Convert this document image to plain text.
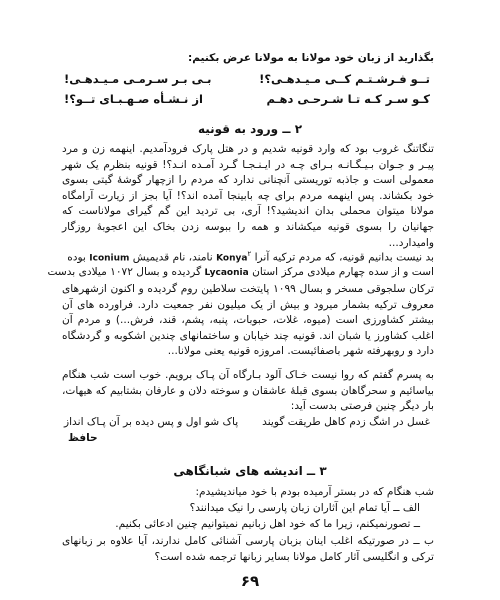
بگذارید از زبان خود مولانا به مولانا عرض بکنیم:
تــو فـرشـتـم کــی مـیـدهـی؟!
بـی بـر سـرمـی مـیـدهـی!
کـو سـر کـه تـا شـرحـی دهـم
از نـشـأه صـهـبـای تــو؟!
۲ ــ ورود به قونیه
تنگاتنگ غروب بود که وارد قونیه شدیم و در هتل پارک فرودآمدیم. اینهمه زن و مرد پیـر و جـوان بـیـگـانـه بـرای چـه در ایـنـجـا گـرد آمـده انـد؟! قونیه بنظرم یک شهر معمولی است و جاذبه توریستی آنچنانی ندارد که مردم را ازچهار گوشهٔ گیتی بسوی خود بکشاند. پس اینهمه مردم برای چه بابینجا آمده اند؟! آیا بجز از زیارت آرامگاه مولانا میتوان محملی بدان اندیشید؟! آری، بی تردید این گم گیرای مولاناست که جهانیان را بسوی قونیه میکشاند و همه را ببوسه زدن بخاک این اعجوبهٔ روزگار وامیدارد...
بد نیست بدانیم قونیه، که مردم ترکیه آنرا Konya$^۲$ نامند، نام قدیمیش Iconium بوده
است و از سده چهارم میلادی مرکز استان Lycaonia گردیده و بسال ۱۰۷۲ میلادی بدست
ترکان سلجوقی مسخر و بسال ۱۰۹۹ پایتخت سلاطین روم گردیده و اکنون ازشهرهای معروف ترکیه بشمار میرود و بیش از یک میلیون نفر جمعیت دارد. فراورده های آن بیشتر کشاورزی است (میوه، غلات، حبوبات، پنبه، پشم، قند، فرش...) و مردم آن اغلب کشاورز یا شبان اند. قونیه چند خیابان و ساختمانهای چندین اشکوبه و گردشگاه دارد و روبهرفته شهر باصفائیست. امروزه قونیه یعنی مولانا...
به پسرم گفتم که روا نیست خـاک آلود بـارگاه آن پـاک برویم. خوب است شب هنگام بیاسائیم و سحرگاهان بسوی قبلهٔ عاشقان و سوخته دلان و عارفان بشتابیم که هیهات، بار دیگر چنین فرصتی بدست آید:
غسل در اشگ زدم کاهل طریقت گویند
پاک شو اول و پس دیده بر آن پـاک انداز
حافظ
۳ ــ اندیشه های شبانگاهی
شب هنگام که در بستر آرمیده بودم با خود میاندیشیدم:
الف ــ آیا تمام این آثاران زبان پارسی را نیک میدانند؟
ــ تصورنمیکنم، زیرا ما که خود اهل زبانیم نمیتوانیم چنین ادعائی بکنیم.
ب ــ در صورتیکه اغلب اینان بزبان پارسی آشنائی کامل ندارند، آیا علاوه بر زبانهای ترکی و انگلیسی آثار کامل مولانا بسایر زبانها ترجمه شده است؟
۶۹
